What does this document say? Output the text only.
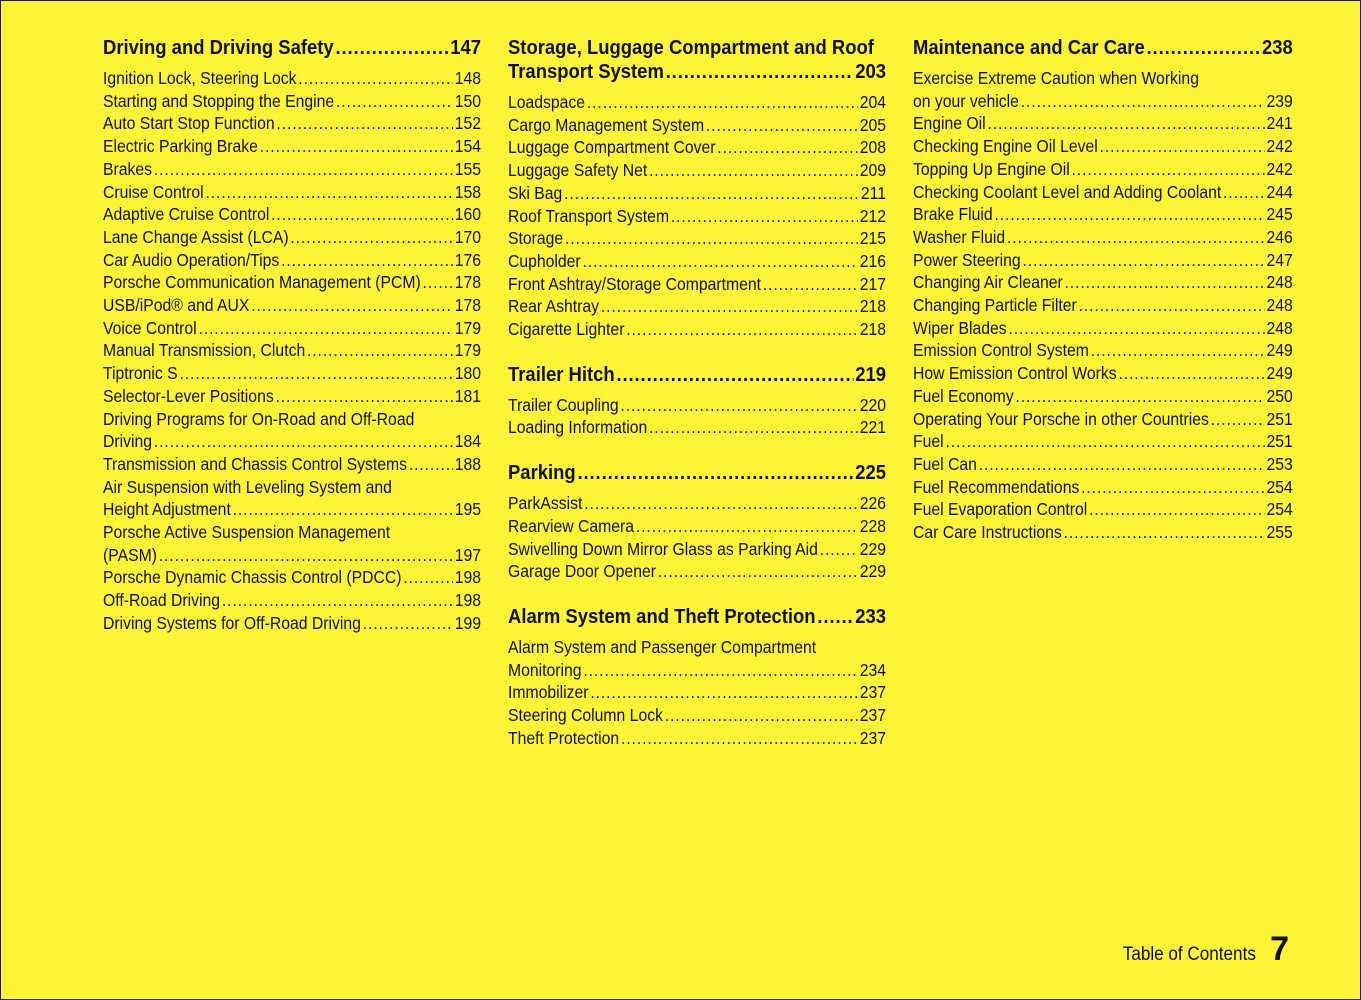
Driving and Driving Safety .....	147
Ignition Lock, Steering Lock .....	148
Starting and Stopping the Engine .....	150
Auto Start Stop Function .....	152
Electric Parking Brake .....	154
Brakes .....	155
Cruise Control .....	158
Adaptive Cruise Control .....	160
Lane Change Assist (LCA) .....	170
Car Audio Operation/Tips .....	176
Porsche Communication Management (PCM) ..... 178
USB/iPod® and AUX .....	178
Voice Control .....	179
Manual Transmission, Clutch .....	179
Tiptronic S .....	180
Selector-Lever Positions .....	181
Driving Programs for On-Road and Off-Road
Driving .....	184
Transmission and Chassis Control Systems .....	188
Air Suspension with Leveling System and
Height Adjustment .....	195
Porsche Active Suspension Management
(PASM) .....	197
Porsche Dynamic Chassis Control (PDCC) .....	198
Off-Road Driving .....	198
Driving Systems for Off-Road Driving .....	199
Storage, Luggage Compartment and Roof
Transport System .....	203
Loadspace .....	204
Cargo Management System .....	205
Luggage Compartment Cover .....	208
Luggage Safety Net .....	209
Ski Bag .....	211
Roof Transport System .....	212
Storage .....	215
Cupholder .....	216
Front Ashtray/Storage Compartment .....	217
Rear Ashtray .....	218
Cigarette Lighter .....	218
Trailer Hitch .....	219
Trailer Coupling .....	220
Loading Information .....	221
Parking .....	225
ParkAssist .....	226
Rearview Camera .....	228
Swivelling Down Mirror Glass as Parking Aid ..... 229
Garage Door Opener .....	229
Alarm System and Theft Protection ..... 233
Alarm System and Passenger Compartment
Monitoring .....	234
Immobilizer .....	237
Steering Column Lock .....	237
Theft Protection .....	237
Maintenance and Car Care .....	238
Exercise Extreme Caution when Working
on your vehicle .....	239
Engine Oil .....	241
Checking Engine Oil Level .....	242
Topping Up Engine Oil .....	242
Checking Coolant Level and Adding Coolant .....	244
Brake Fluid .....	245
Washer Fluid .....	246
Power Steering .....	247
Changing Air Cleaner .....	248
Changing Particle Filter .....	248
Wiper Blades .....	248
Emission Control System .....	249
How Emission Control Works .....	249
Fuel Economy .....	250
Operating Your Porsche in other Countries .....	251
Fuel .....	251
Fuel Can .....	253
Fuel Recommendations .....	254
Fuel Evaporation Control .....	254
Car Care Instructions .....	255
Table of Contents 7
